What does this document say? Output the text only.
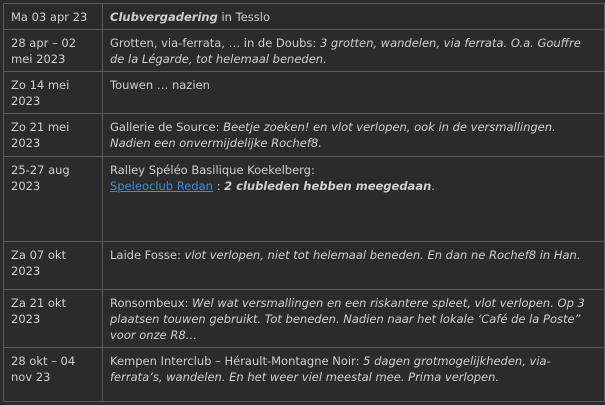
Ma 03 apr 23	Clubvergadering in Tesslo
28 apr – 02 mei 2023	Grotten, via-ferrata, … in de Doubs: 3 grotten, wandelen, via ferrata. O.a. Gouffre de la Légarde, tot helemaal beneden.
Zo 14 mei 2023	Touwen … nazien
Zo 21 mei 2023	Gallerie de Source: Beetje zoeken! en vlot verlopen, ook in de versmallingen. Nadien een onvermijdelijke Rochef8.
25-27 aug 2023	Ralley Spéléo Basilique Koekelberg:
Speleoclub Redan : 2 clubleden hebben meegedaan.
Za 07 okt 2023	Laide Fosse: vlot verlopen, niet tot helemaal beneden. En dan ne Rochef8 in Han.
Za 21 okt 2023	Ronsombeux: Wel wat versmallingen en een riskantere spleet, vlot verlopen. Op 3 plaatsen touwen gebruikt. Tot beneden. Nadien naar het lokale ‘Café de la Poste” voor onze R8…
28 okt – 04 nov 23	Kempen Interclub – Hérault-Montagne Noir: 5 dagen grotmogelijkheden, via-ferrata’s, wandelen. En het weer viel meestal mee. Prima verlopen.
